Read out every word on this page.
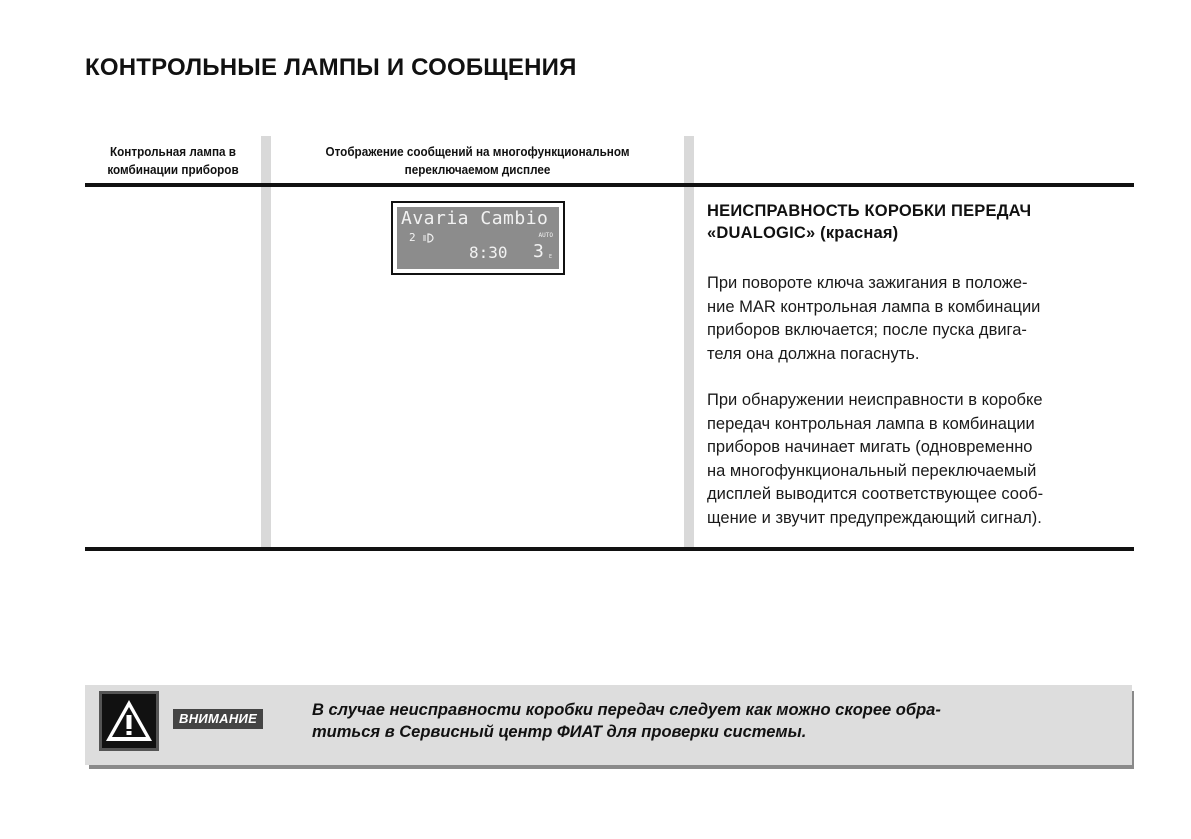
КОНТРОЛЬНЫЕ ЛАМПЫ И СООБЩЕНИЯ
Контрольная лампа в
комбинации приборов
Отображение сообщений на многофункциональном
переключаемом дисплее
Avaria Cambio
2	AUTO
8:30 3 E
НЕИСПРАВНОСТЬ КОРОБКИ ПЕРЕДАЧ
«DUALOGIC» (красная)
При повороте ключа зажигания в положе-
ние MAR контрольная лампа в комбинации
приборов включается; после пуска двига-
теля она должна погаснуть.
При обнаружении неисправности в коробке
передач контрольная лампа в комбинации
приборов начинает мигать (одновременно
на многофункциональный переключаемый
дисплей выводится соответствующее сооб-
щение и звучит предупреждающий сигнал).
ВНИМАНИЕ	В случае неисправности коробки передач следует как можно скорее обра-
титься в Сервисный центр ФИАТ для проверки системы.
